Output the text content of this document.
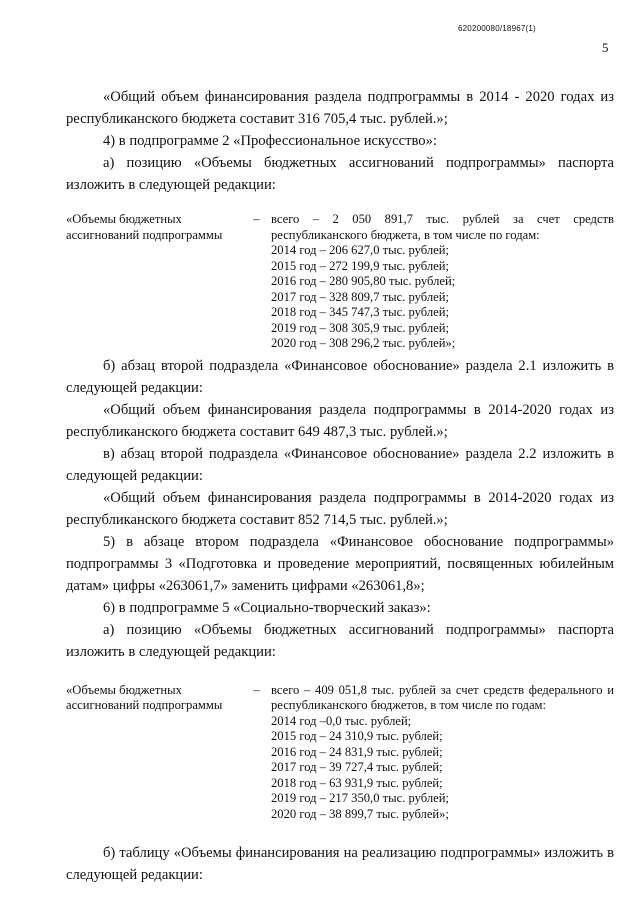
620200080/18967(1)
5

«Общий объем финансирования раздела подпрограммы в 2014 - 2020 годах из республиканского бюджета составит 316 705,4 тыс. рублей.»;

4) в подпрограмме 2 «Профессиональное искусство»:

а) позицию «Объемы бюджетных ассигнований подпрограммы» паспорта изложить в следующей редакции:

«Объемы бюджетных ассигнований подпрограммы
– всего – 2 050 891,7 тыс. рублей за счет средств республиканского бюджета, в том числе по годам:
2014 год – 206 627,0 тыс. рублей;
2015 год – 272 199,9 тыс. рублей;
2016 год – 280 905,80 тыс. рублей;
2017 год – 328 809,7 тыс. рублей;
2018 год – 345 747,3 тыс. рублей;
2019 год – 308 305,9 тыс. рублей;
2020 год – 308 296,2 тыс. рублей»;

б) абзац второй подраздела «Финансовое обоснование» раздела 2.1 изложить в следующей редакции:

«Общий объем финансирования раздела подпрограммы в 2014-2020 годах из республиканского бюджета составит 649 487,3 тыс. рублей.»;

в) абзац второй подраздела «Финансовое обоснование» раздела 2.2 изложить в следующей редакции:

«Общий объем финансирования раздела подпрограммы в 2014-2020 годах из республиканского бюджета составит 852 714,5 тыс. рублей.»;

5) в абзаце втором подраздела «Финансовое обоснование подпрограммы» подпрограммы 3 «Подготовка и проведение мероприятий, посвященных юбилейным датам» цифры «263061,7» заменить цифрами «263061,8»;

6) в подпрограмме 5 «Социально-творческий заказ»:

а) позицию «Объемы бюджетных ассигнований подпрограммы» паспорта изложить в следующей редакции:

«Объемы бюджетных ассигнований подпрограммы
– всего – 409 051,8 тыс. рублей за счет средств федерального и республиканского бюджетов, в том числе по годам:
2014 год –0,0 тыс. рублей;
2015 год – 24 310,9 тыс. рублей;
2016 год – 24 831,9 тыс. рублей;
2017 год – 39 727,4 тыс. рублей;
2018 год – 63 931,9 тыс. рублей;
2019 год – 217 350,0 тыс. рублей;
2020 год – 38 899,7 тыс. рублей»;

б) таблицу «Объемы финансирования на реализацию подпрограммы» изложить в следующей редакции:
